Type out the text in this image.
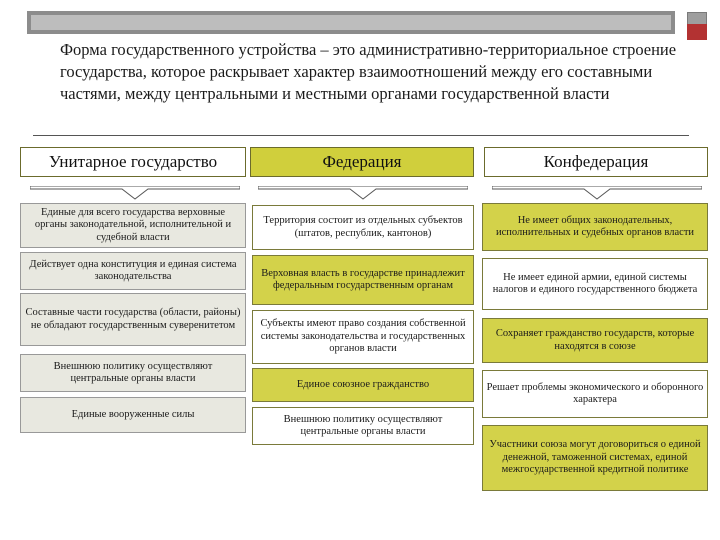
Форма государственного устройства – это административно-территориальное строение государства, которое раскрывает характер взаимоотношений между его составными частями, между центральными и местными органами государственной власти
Унитарное государство	Федерация	Конфедерация
Единые для всего государства верховные органы законодательной, исполнительной и судебной власти
Действует одна конституция и единая система законодательства
Составные части государства (области, районы) не обладают государственным суверенитетом
Внешнюю политику осуществляют центральные органы власти
Единые вооруженные силы
Территория состоит из отдельных субъектов (штатов, республик, кантонов)
Верховная власть в государстве принадлежит федеральным государственным органам
Субъекты имеют право создания собственной системы законодательства и государственных органов власти
Единое союзное гражданство
Внешнюю политику осуществляют центральные органы власти
Не имеет общих законодательных, исполнительных и судебных органов власти
Не имеет единой армии, единой системы налогов и единого государственного бюджета
Сохраняет гражданство государств, которые находятся в союзе
Решает проблемы экономического и оборонного характера
Участники союза могут договориться о единой денежной, таможенной системах, единой межгосударственной кредитной политике
